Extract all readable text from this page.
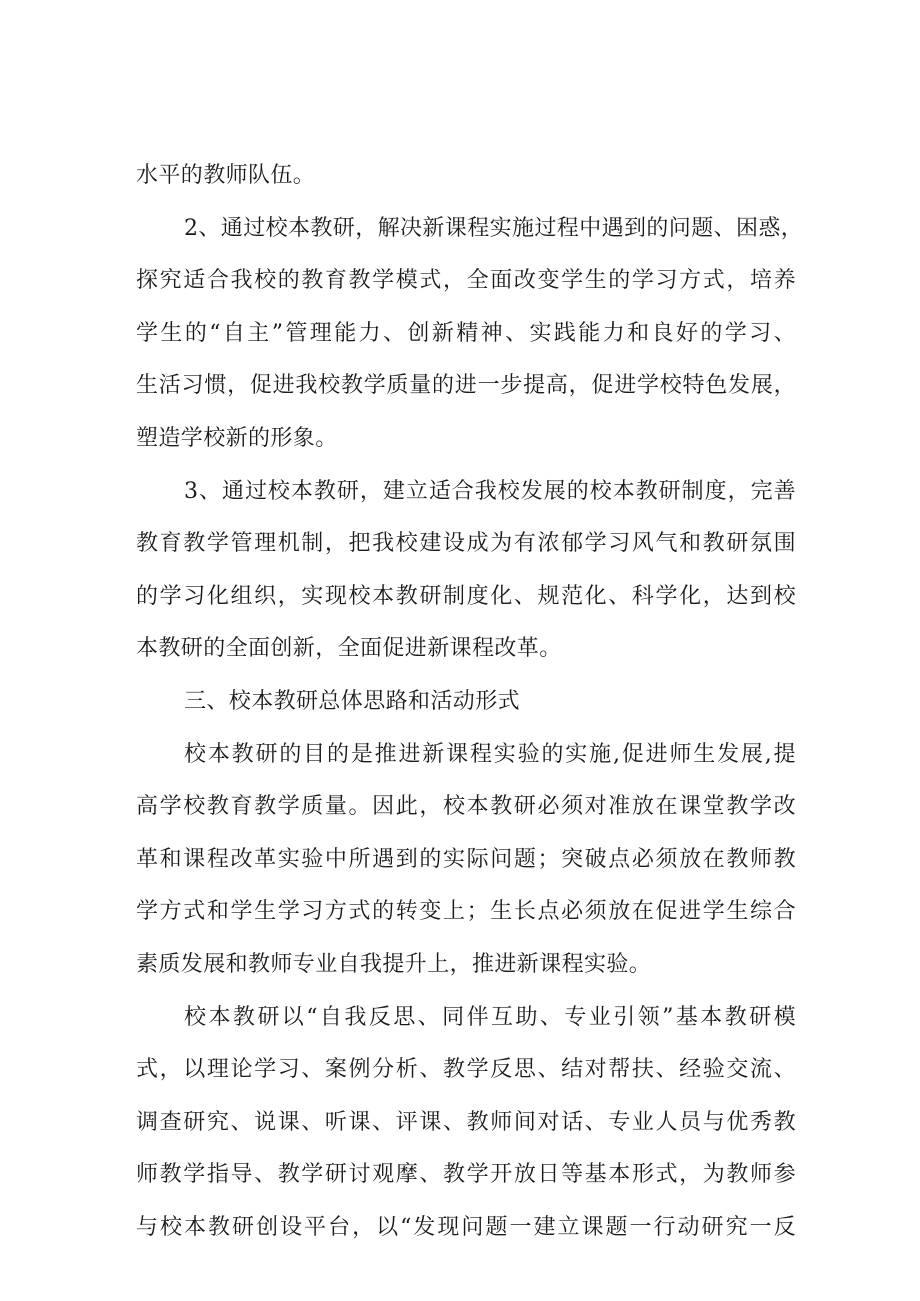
水平的教师队伍。
2、通过校本教研，解决新课程实施过程中遇到的问题、困惑，
探究适合我校的教育教学模式，全面改变学生的学习方式，培养
学生的“自主”管理能力、创新精神、实践能力和良好的学习、
生活习惯，促进我校教学质量的进一步提高，促进学校特色发展，
塑造学校新的形象。
3、通过校本教研，建立适合我校发展的校本教研制度，完善
教育教学管理机制，把我校建设成为有浓郁学习风气和教研氛围
的学习化组织，实现校本教研制度化、规范化、科学化，达到校
本教研的全面创新，全面促进新课程改革。
三、校本教研总体思路和活动形式
校本教研的目的是推进新课程实验的实施,促进师生发展,提
高学校教育教学质量。因此，校本教研必须对准放在课堂教学改
革和课程改革实验中所遇到的实际问题；突破点必须放在教师教
学方式和学生学习方式的转变上；生长点必须放在促进学生综合
素质发展和教师专业自我提升上，推进新课程实验。
校本教研以“自我反思、同伴互助、专业引领”基本教研模
式，以理论学习、案例分析、教学反思、结对帮扶、经验交流、
调查研究、说课、听课、评课、教师间对话、专业人员与优秀教
师教学指导、教学研讨观摩、教学开放日等基本形式，为教师参
与校本教研创设平台，以“发现问题一建立课题一行动研究一反
